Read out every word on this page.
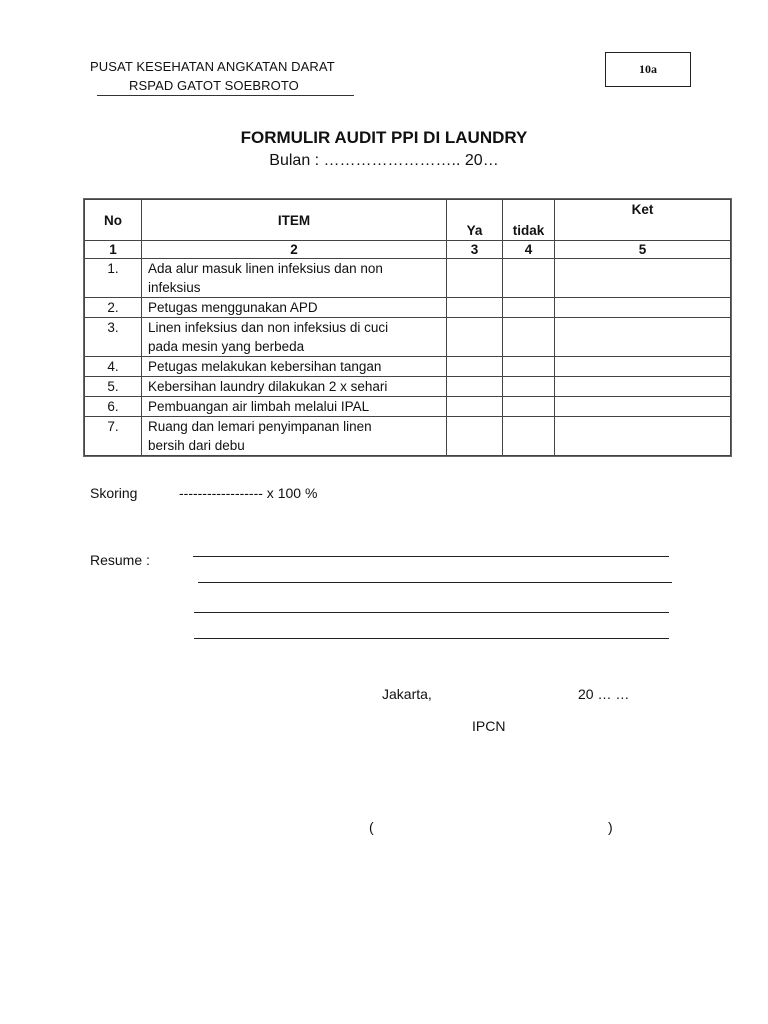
PUSAT KESEHATAN ANGKATAN DARAT
RSPAD GATOT SOEBROTO
10a
FORMULIR AUDIT PPI DI LAUNDRY
Bulan : …………………….. 20…
No	ITEM	Ya	tidak	Ket
1	2	3	4	5
1.	Ada alur masuk linen infeksius dan non
infeksius			

2.	Petugas menggunakan APD			

3.	Linen infeksius dan non infeksius di cuci
pada mesin yang berbeda			

4.	Petugas melakukan kebersihan tangan			

5.	Kebersihan laundry dilakukan 2 x sehari			

6.	Pembuangan air limbah melalui IPAL			

7.	Ruang dan lemari penyimpanan linen
bersih dari debu			

Skoring	------------------ x 100 %
Resume :
Jakarta,	20 … …
IPCN
(	)
